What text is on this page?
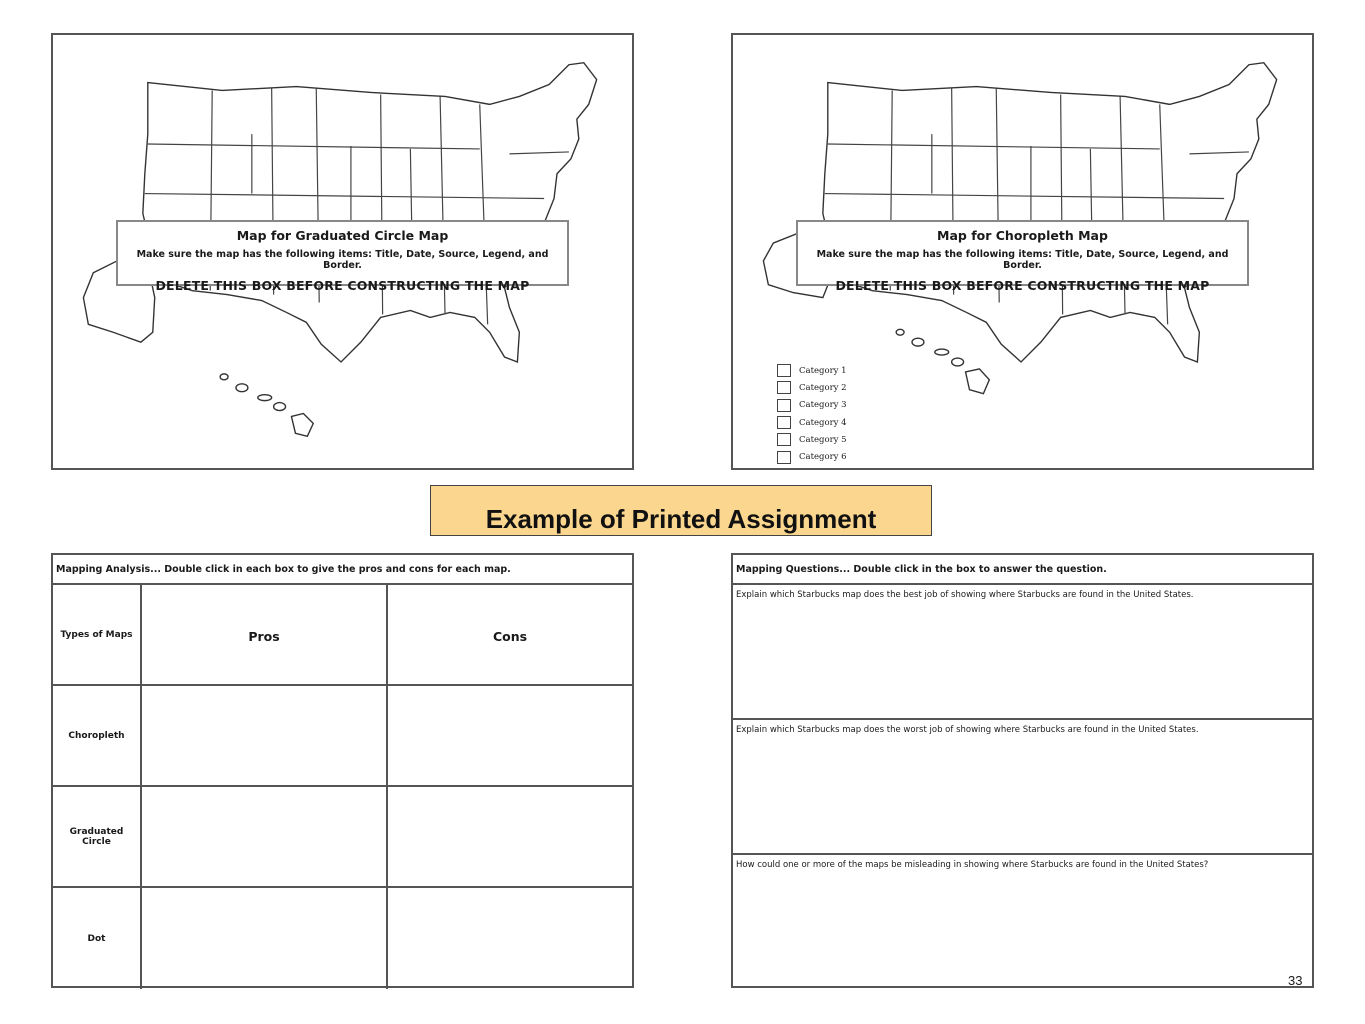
Map for Graduated Circle Map
Make sure the map has the following items: Title, Date, Source, Legend, and Border.
DELETE THIS BOX BEFORE CONSTRUCTING THE MAP
Map for Choropleth Map
Make sure the map has the following items: Title, Date, Source, Legend, and Border.
DELETE THIS BOX BEFORE CONSTRUCTING THE MAP
Category 1
Category 2
Category 3
Category 4
Category 5
Category 6
Example of Printed Assignment
Mapping Analysis... Double click in each box to give the pros and cons for each map.
Types of Maps	Pros	Cons
Choropleth
Graduated Circle
Dot
Mapping Questions... Double click in the box to answer the question.
Explain which Starbucks map does the best job of showing where Starbucks are found in the United States.
Explain which Starbucks map does the worst job of showing where Starbucks are found in the United States.
How could one or more of the maps be misleading in showing where Starbucks are found in the United States?
33
